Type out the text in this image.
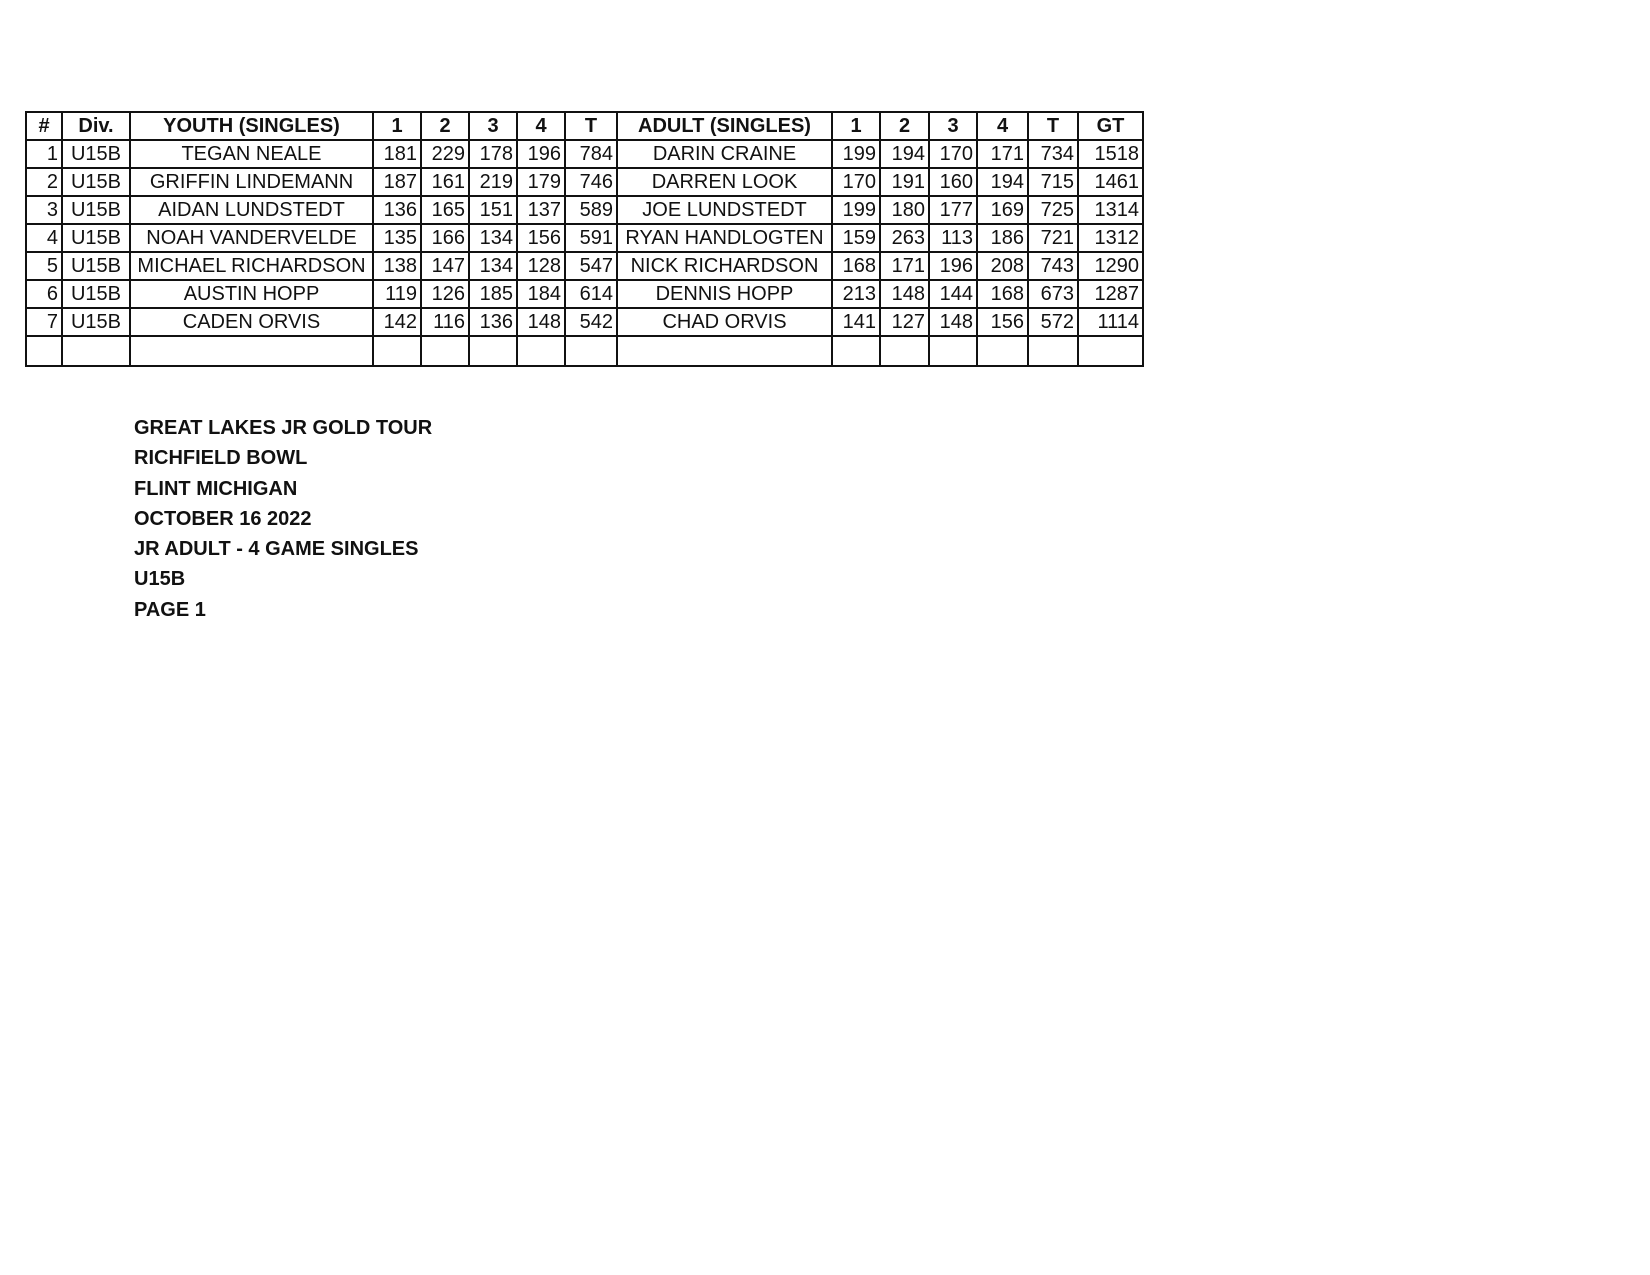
#	Div.	YOUTH (SINGLES)	1	2	3	4	T	ADULT (SINGLES)	1	2	3	4	T	GT
1	U15B	TEGAN NEALE	181	229	178	196	784	DARIN CRAINE	199	194	170	171	734	1518
2	U15B	GRIFFIN LINDEMANN	187	161	219	179	746	DARREN LOOK	170	191	160	194	715	1461
3	U15B	AIDAN LUNDSTEDT	136	165	151	137	589	JOE LUNDSTEDT	199	180	177	169	725	1314
4	U15B	NOAH VANDERVELDE	135	166	134	156	591	RYAN HANDLOGTEN	159	263	113	186	721	1312
5	U15B	MICHAEL RICHARDSON	138	147	134	128	547	NICK RICHARDSON	168	171	196	208	743	1290
6	U15B	AUSTIN HOPP	119	126	185	184	614	DENNIS HOPP	213	148	144	168	673	1287
7	U15B	CADEN ORVIS	142	116	136	148	542	CHAD ORVIS	141	127	148	156	572	1114

GREAT LAKES JR GOLD TOUR
RICHFIELD BOWL
FLINT MICHIGAN
OCTOBER 16 2022
JR ADULT - 4 GAME SINGLES
U15B
PAGE 1
